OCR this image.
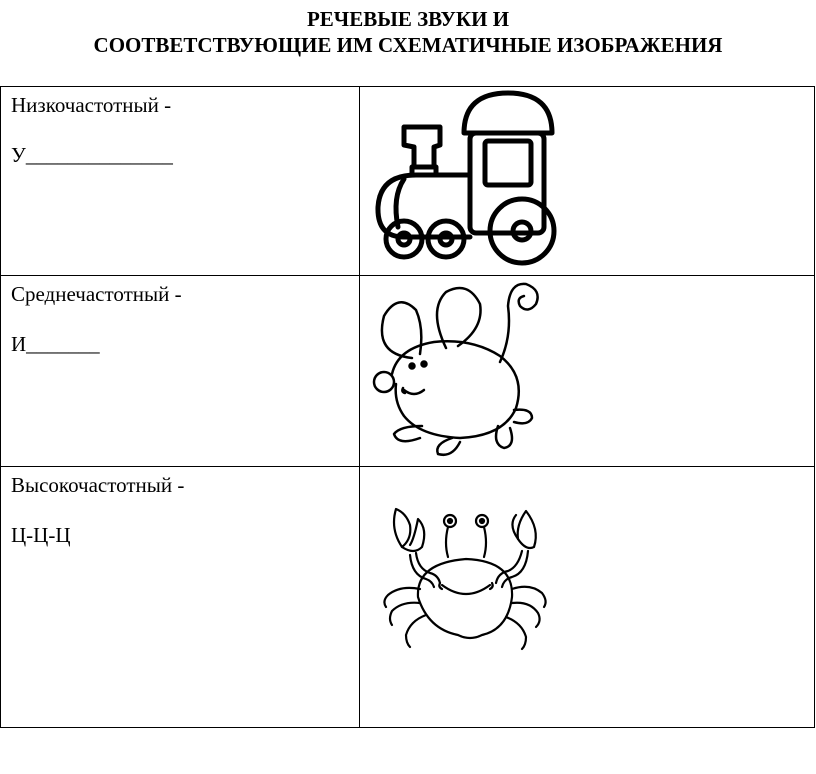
РЕЧЕВЫЕ ЗВУКИ И
СООТВЕТСТВУЮЩИЕ ИМ СХЕМАТИЧНЫЕ ИЗОБРАЖЕНИЯ
Низкочастотный -
У______________

Среднечастотный -
И_______

Высокочастотный -
Ц-Ц-Ц
